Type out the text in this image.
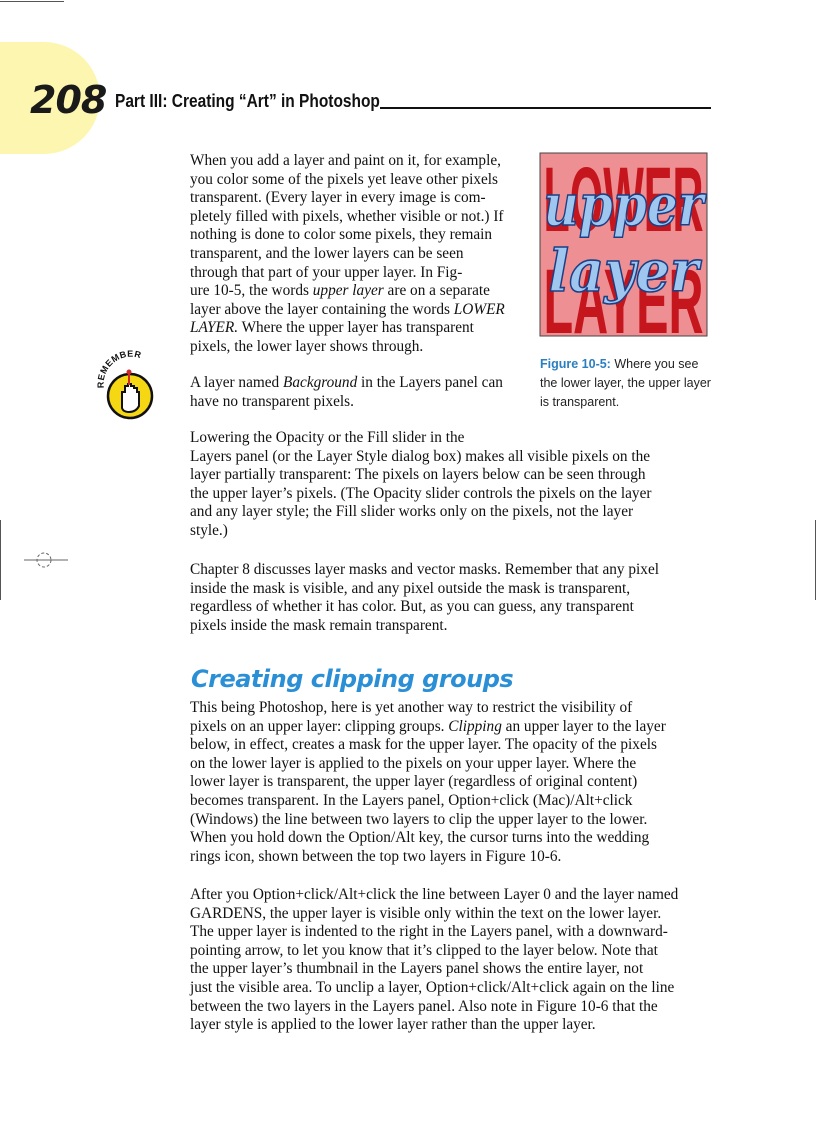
208 Part III: Creating “Art” in Photoshop
When you add a layer and paint on it, for example,
you color some of the pixels yet leave other pixels
transparent. (Every layer in every image is com-
pletely filled with pixels, whether visible or not.) If
nothing is done to color some pixels, they remain
transparent, and the lower layers can be seen
through that part of your upper layer. In Fig-
ure 10-5, the words upper layer are on a separate
layer above the layer containing the words LOWER
LAYER. Where the upper layer has transparent
pixels, the lower layer shows through.
LOWER
LAYER
upper
layer
Figure 10-5: Where you see the lower layer, the upper layer is transparent.
REMEMBER
A layer named Background in the Layers panel can
have no transparent pixels.
Lowering the Opacity or the Fill slider in the
Layers panel (or the Layer Style dialog box) makes all visible pixels on the
layer partially transparent: The pixels on layers below can be seen through
the upper layer’s pixels. (The Opacity slider controls the pixels on the layer
and any layer style; the Fill slider works only on the pixels, not the layer
style.)
Chapter 8 discusses layer masks and vector masks. Remember that any pixel
inside the mask is visible, and any pixel outside the mask is transparent,
regardless of whether it has color. But, as you can guess, any transparent
pixels inside the mask remain transparent.
Creating clipping groups
This being Photoshop, here is yet another way to restrict the visibility of
pixels on an upper layer: clipping groups. Clipping an upper layer to the layer
below, in effect, creates a mask for the upper layer. The opacity of the pixels
on the lower layer is applied to the pixels on your upper layer. Where the
lower layer is transparent, the upper layer (regardless of original content)
becomes transparent. In the Layers panel, Option+click (Mac)/Alt+click
(Windows) the line between two layers to clip the upper layer to the lower.
When you hold down the Option/Alt key, the cursor turns into the wedding
rings icon, shown between the top two layers in Figure 10-6.
After you Option+click/Alt+click the line between Layer 0 and the layer named
GARDENS, the upper layer is visible only within the text on the lower layer.
The upper layer is indented to the right in the Layers panel, with a downward-
pointing arrow, to let you know that it’s clipped to the layer below. Note that
the upper layer’s thumbnail in the Layers panel shows the entire layer, not
just the visible area. To unclip a layer, Option+click/Alt+click again on the line
between the two layers in the Layers panel. Also note in Figure 10-6 that the
layer style is applied to the lower layer rather than the upper layer.
